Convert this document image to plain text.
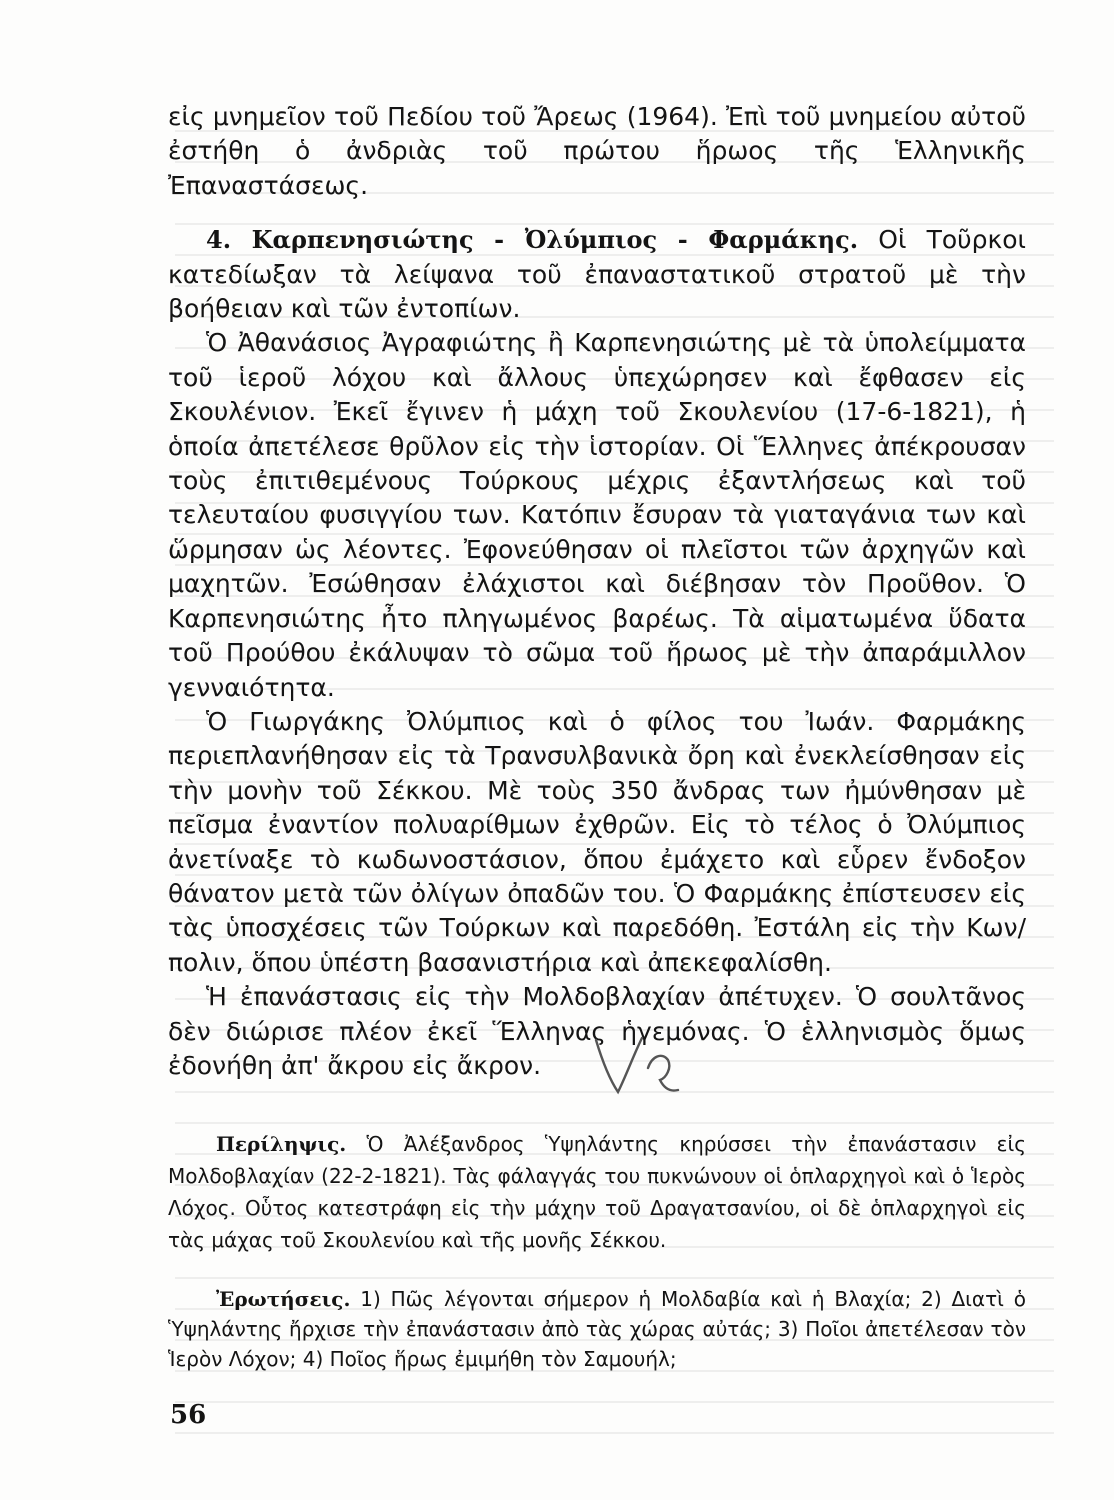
εἰς μνημεῖον τοῦ Πεδίου τοῦ Ἄρεως (1964). Ἐπὶ τοῦ μνημείου αὐτοῦ ἐστήθη ὁ ἀνδριὰς τοῦ πρώτου ἥρωος τῆς Ἑλληνικῆς Ἐπαναστάσεως.

4. Καρπενησιώτης - Ὀλύμπιος - Φαρμάκης. Οἱ Τοῦρκοι κατεδίωξαν τὰ λείψανα τοῦ ἐπαναστατικοῦ στρατοῦ μὲ τὴν βοήθειαν καὶ τῶν ἐντοπίων.

Ὁ Ἀθανάσιος Ἀγραφιώτης ἢ Καρπενησιώτης μὲ τὰ ὑπολείμματα τοῦ ἱεροῦ λόχου καὶ ἄλλους ὑπεχώρησεν καὶ ἔφθασεν εἰς Σκουλένιον. Ἐκεῖ ἔγινεν ἡ μάχη τοῦ Σκουλενίου (17-6-1821), ἡ ὁποία ἀπετέλεσε θρῦλον εἰς τὴν ἱστορίαν. Οἱ Ἕλληνες ἀπέκρουσαν τοὺς ἐπιτιθεμένους Τούρκους μέχρις ἐξαντλήσεως καὶ τοῦ τελευταίου φυσιγγίου των. Κατόπιν ἔσυραν τὰ γιαταγάνια των καὶ ὥρμησαν ὡς λέοντες. Ἐφονεύθησαν οἱ πλεῖστοι τῶν ἀρχηγῶν καὶ μαχητῶν. Ἐσώθησαν ἐλάχιστοι καὶ διέβησαν τὸν Προῦθον. Ὁ Καρπενησιώτης ἦτο πληγωμένος βαρέως. Τὰ αἱματωμένα ὕδατα τοῦ Προύθου ἐκάλυψαν τὸ σῶμα τοῦ ἥρωος μὲ τὴν ἀπαράμιλλον γενναιότητα.

Ὁ Γιωργάκης Ὀλύμπιος καὶ ὁ φίλος του Ἰωάν. Φαρμάκης περιεπλανήθησαν εἰς τὰ Τρανσυλβανικὰ ὄρη καὶ ἐνεκλείσθησαν εἰς τὴν μονὴν τοῦ Σέκκου. Μὲ τοὺς 350 ἄνδρας των ἠμύνθησαν μὲ πεῖσμα ἐναντίον πολυαρίθμων ἐχθρῶν. Εἰς τὸ τέλος ὁ Ὀλύμπιος ἀνετίναξε τὸ κωδωνοστάσιον, ὅπου ἐμάχετο καὶ εὗρεν ἔνδοξον θάνατον μετὰ τῶν ὀλίγων ὀπαδῶν του. Ὁ Φαρμάκης ἐπίστευσεν εἰς τὰς ὑποσχέσεις τῶν Τούρκων καὶ παρεδόθη. Ἐστάλη εἰς τὴν Κων/πολιν, ὅπου ὑπέστη βασανιστήρια καὶ ἀπεκεφαλίσθη.

Ἡ ἐπανάστασις εἰς τὴν Μολδοβλαχίαν ἀπέτυχεν. Ὁ σουλτᾶνος δὲν διώρισε πλέον ἐκεῖ Ἕλληνας ἡγεμόνας. Ὁ ἑλληνισμὸς ὅμως ἐδονήθη ἀπ' ἄκρου εἰς ἄκρον.

Περίληψις. Ὁ Ἀλέξανδρος Ὑψηλάντης κηρύσσει τὴν ἐπανάστασιν εἰς Μολδοβλαχίαν (22-2-1821). Τὰς φάλαγγάς του πυκνώνουν οἱ ὁπλαρχηγοὶ καὶ ὁ Ἱερὸς Λόχος. Οὗτος κατεστράφη εἰς τὴν μάχην τοῦ Δραγατσανίου, οἱ δὲ ὁπλαρχηγοὶ εἰς τὰς μάχας τοῦ Σκουλενίου καὶ τῆς μονῆς Σέκκου.

Ἐρωτήσεις. 1) Πῶς λέγονται σήμερον ἡ Μολδαβία καὶ ἡ Βλαχία; 2) Διατὶ ὁ Ὑψηλάντης ἤρχισε τὴν ἐπανάστασιν ἀπὸ τὰς χώρας αὐτάς; 3) Ποῖοι ἀπετέλεσαν τὸν Ἱερὸν Λόχον; 4) Ποῖος ἥρως ἐμιμήθη τὸν Σαμουήλ;

56
